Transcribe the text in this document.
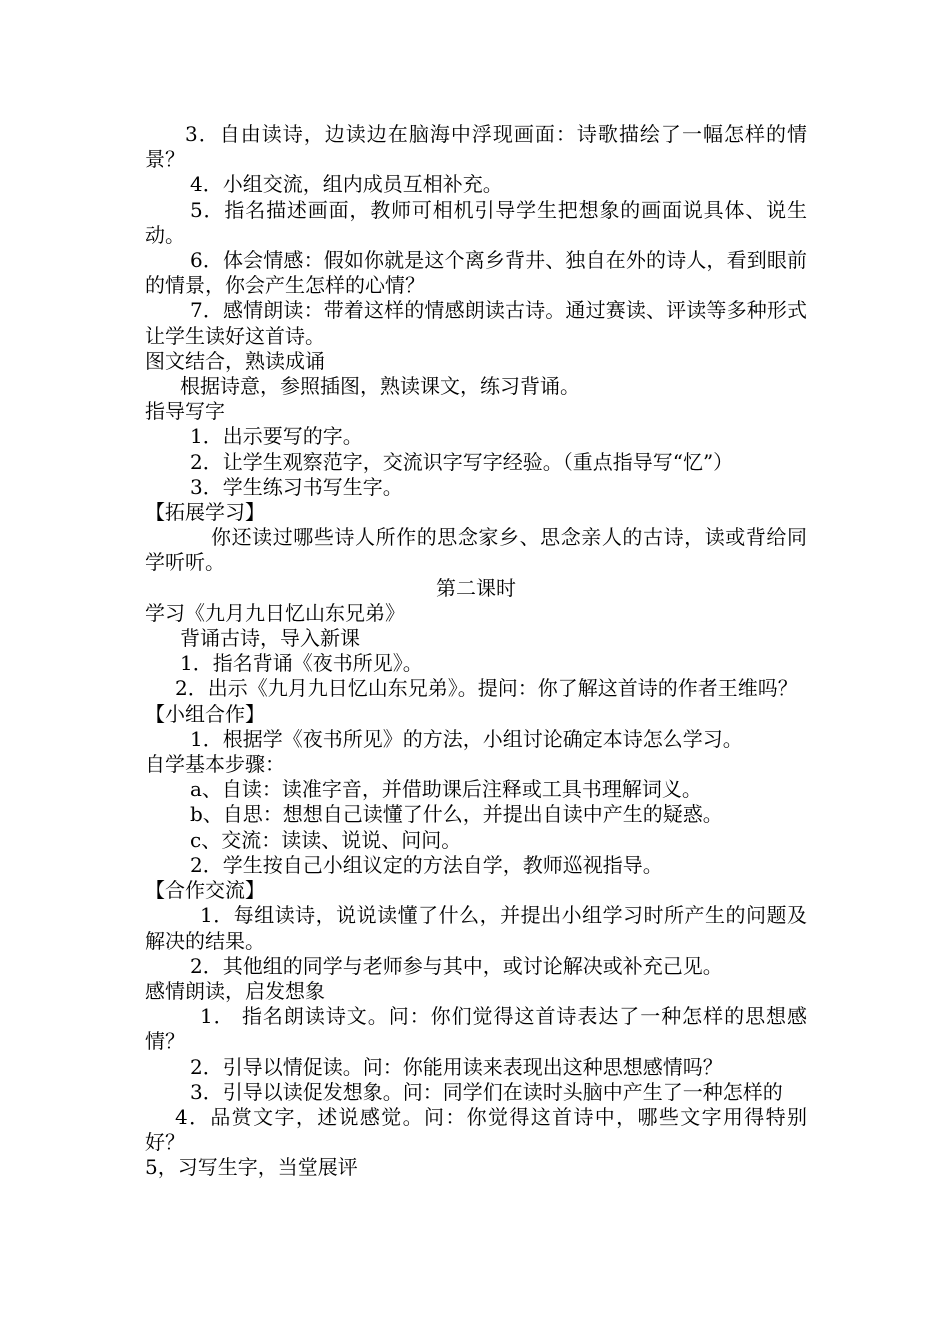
3．自由读诗，边读边在脑海中浮现画面：诗歌描绘了一幅怎样的情景？

4．小组交流，组内成员互相补充。

5．指名描述画面，教师可相机引导学生把想象的画面说具体、说生动。

6．体会情感：假如你就是这个离乡背井、独自在外的诗人，看到眼前的情景，你会产生怎样的心情？

7．感情朗读：带着这样的情感朗读古诗。通过赛读、评读等多种形式让学生读好这首诗。

图文结合，熟读成诵

根据诗意，参照插图，熟读课文，练习背诵。

指导写字

1．出示要写的字。

2．让学生观察范字，交流识字写字经验。（重点指导写“忆”）

3．学生练习书写生字。

【拓展学习】

你还读过哪些诗人所作的思念家乡、思念亲人的古诗，读或背给同学听听。

第二课时

学习《九月九日忆山东兄弟》

背诵古诗，导入新课

1．指名背诵《夜书所见》。

2．出示《九月九日忆山东兄弟》。提问：你了解这首诗的作者王维吗？

【小组合作】

1．根据学《夜书所见》的方法，小组讨论确定本诗怎么学习。

自学基本步骤：

a、自读：读准字音，并借助课后注释或工具书理解词义。

b、自思：想想自己读懂了什么，并提出自读中产生的疑惑。

c、交流：读读、说说、问问。

2．学生按自己小组议定的方法自学，教师巡视指导。

【合作交流】

1．每组读诗，说说读懂了什么，并提出小组学习时所产生的问题及解决的结果。

2．其他组的同学与老师参与其中，或讨论解决或补充己见。

感情朗读，启发想象

1． 指名朗读诗文。问：你们觉得这首诗表达了一种怎样的思想感情？

2．引导以情促读。问：你能用读来表现出这种思想感情吗？

3．引导以读促发想象。问：同学们在读时头脑中产生了一种怎样的

4．品赏文字，述说感觉。问：你觉得这首诗中，哪些文字用得特别好？

5，习写生字，当堂展评
